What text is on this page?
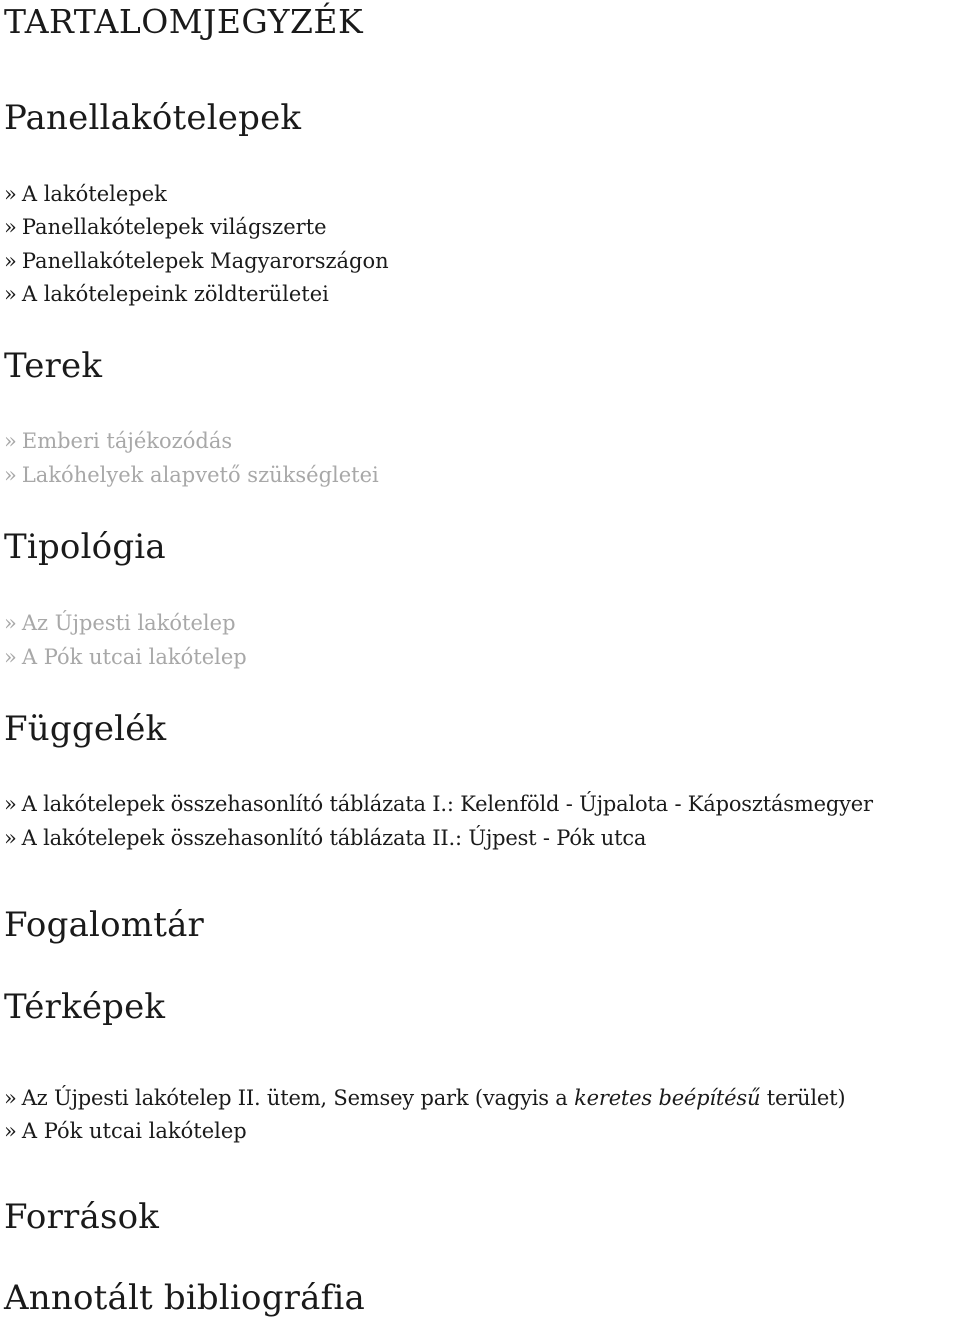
TARTALOMJEGYZÉK
Panellakótelepek
» A lakótelepek
» Panellakótelepek világszerte
» Panellakótelepek Magyarországon
» A lakótelepeink zöldterületei
Terek
» Emberi tájékozódás
» Lakóhelyek alapvető szükségletei
Tipológia
» Az Újpesti lakótelep
» A Pók utcai lakótelep
Függelék
» A lakótelepek összehasonlító táblázata I.: Kelenföld - Újpalota - Káposztásmegyer
» A lakótelepek összehasonlító táblázata II.: Újpest - Pók utca
Fogalomtár
Térképek
» Az Újpesti lakótelep II. ütem, Semsey park (vagyis a keretes beépítésű terület)
» A Pók utcai lakótelep
Források
Annotált bibliográfia
